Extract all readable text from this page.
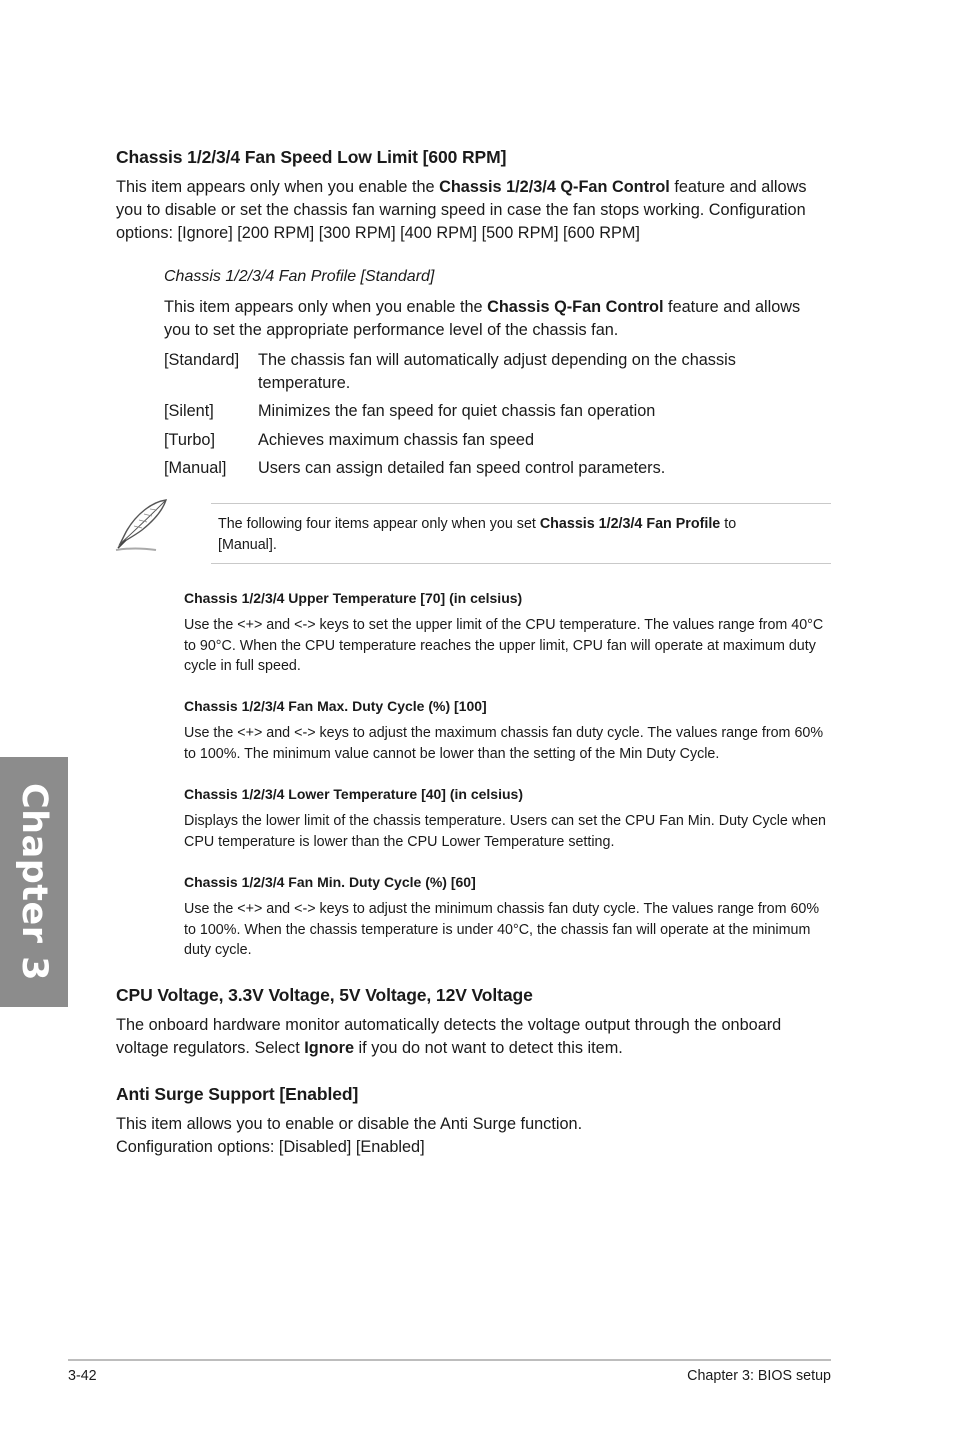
Chassis 1/2/3/4 Fan Speed Low Limit [600 RPM]
This item appears only when you enable the Chassis 1/2/3/4 Q-Fan Control feature and allows you to disable or set the chassis fan warning speed in case the fan stops working. Configuration options: [Ignore] [200 RPM] [300 RPM] [400 RPM] [500 RPM] [600 RPM]
Chassis 1/2/3/4 Fan Profile [Standard]
This item appears only when you enable the Chassis Q-Fan Control feature and allows you to set the appropriate performance level of the chassis fan.
[Standard] The chassis fan will automatically adjust depending on the chassis temperature.
[Silent]	Minimizes the fan speed for quiet chassis fan operation
[Turbo]	Achieves maximum chassis fan speed
[Manual] Users can assign detailed fan speed control parameters.
The following four items appear only when you set Chassis 1/2/3/4 Fan Profile to [Manual].
Chassis 1/2/3/4 Upper Temperature [70] (in celsius)
Use the <+> and <-> keys to set the upper limit of the CPU temperature. The values range from 40°C to 90°C. When the CPU temperature reaches the upper limit, CPU fan will operate at maximum duty cycle in full speed.
Chassis 1/2/3/4 Fan Max. Duty Cycle (%) [100]
Use the <+> and <-> keys to adjust the maximum chassis fan duty cycle. The values range from 60% to 100%. The minimum value cannot be lower than the setting of the Min Duty Cycle.
Chassis 1/2/3/4 Lower Temperature [40] (in celsius)
Displays the lower limit of the chassis temperature. Users can set the CPU Fan Min. Duty Cycle when CPU temperature is lower than the CPU Lower Temperature setting.
Chassis 1/2/3/4 Fan Min. Duty Cycle (%) [60]
Use the <+> and <-> keys to adjust the minimum chassis fan duty cycle. The values range from 60% to 100%. When the chassis temperature is under 40°C, the chassis fan will operate at the minimum duty cycle.
CPU Voltage, 3.3V Voltage, 5V Voltage, 12V Voltage
The onboard hardware monitor automatically detects the voltage output through the onboard voltage regulators. Select Ignore if you do not want to detect this item.
Anti Surge Support [Enabled]
This item allows you to enable or disable the Anti Surge function.
Configuration options: [Disabled] [Enabled]
Chapter 3
3-42	Chapter 3: BIOS setup
